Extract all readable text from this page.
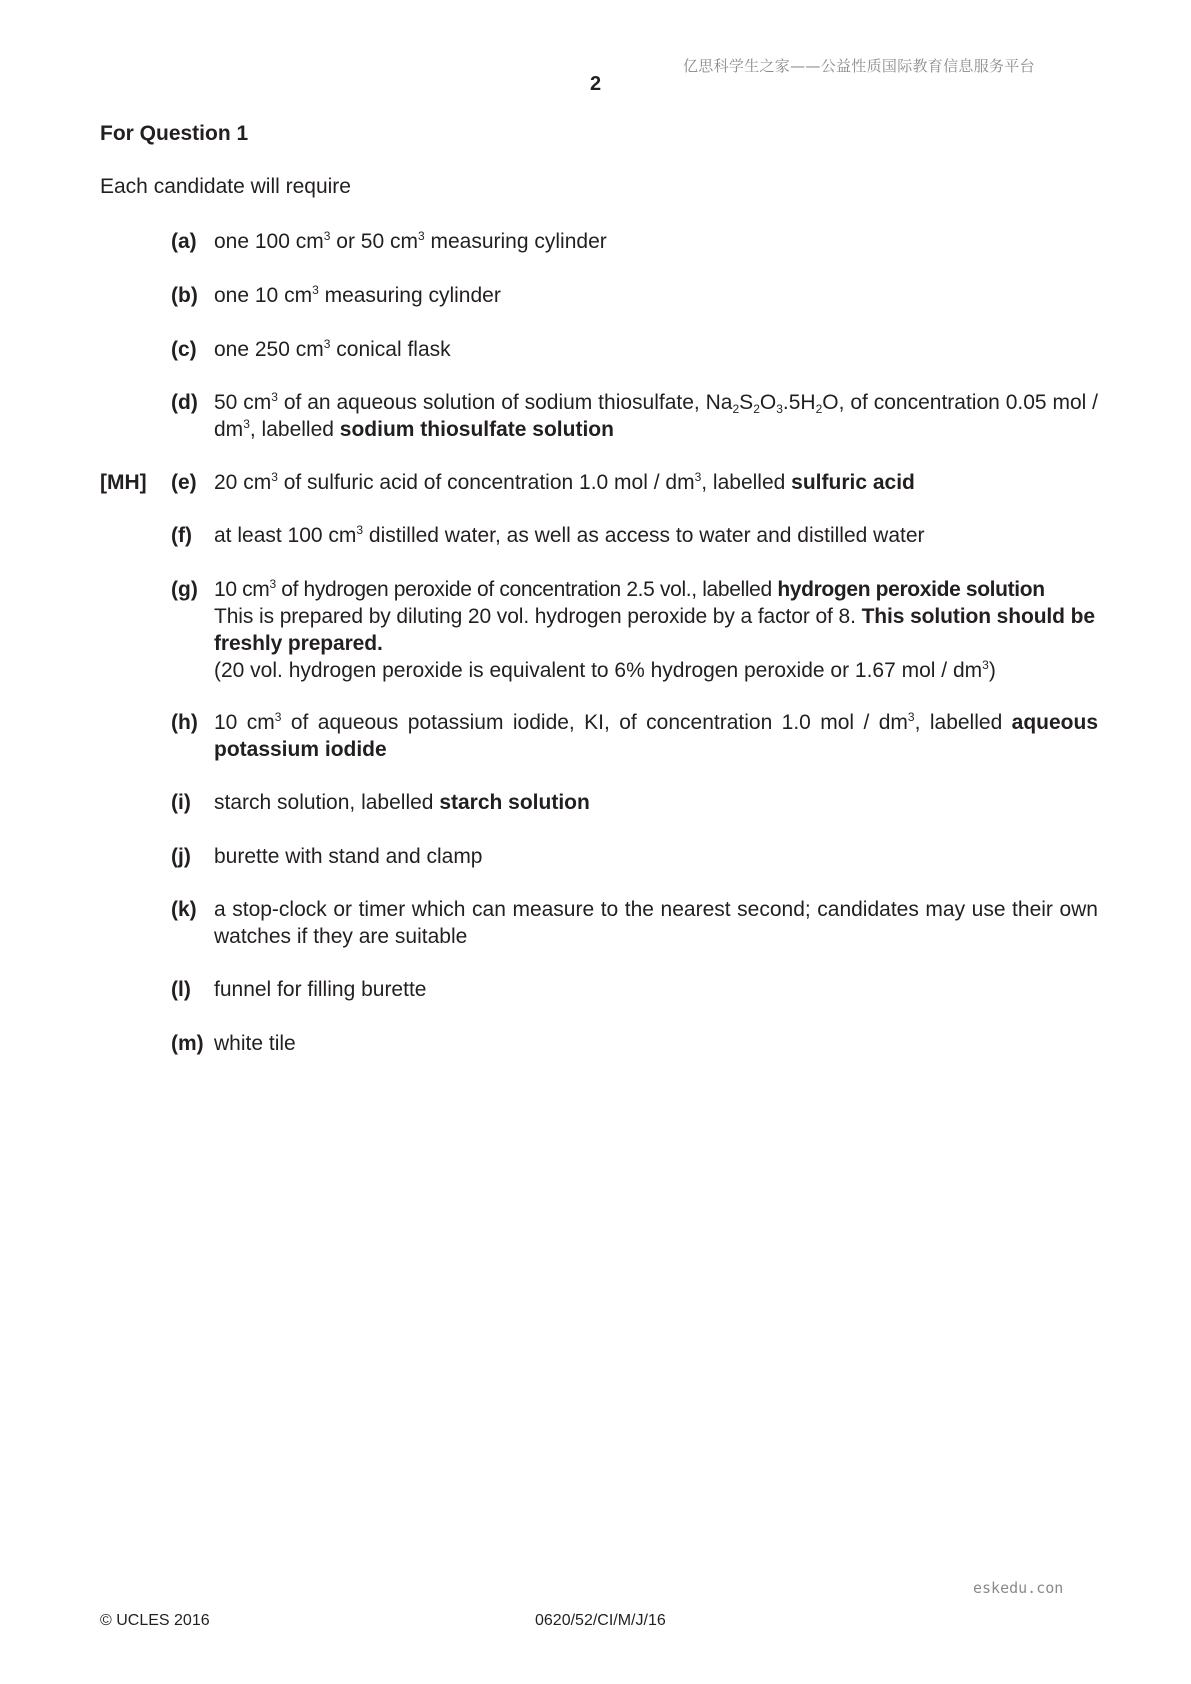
亿思科学生之家——公益性质国际教育信息服务平台
2
For Question 1
Each candidate will require
(a) one 100 $cm^3$ or 50 $cm^3$ measuring cylinder
(b) one 10 $cm^3$ measuring cylinder
(c) one 250 $cm^3$ conical flask
(d) 50 $cm^3$ of an aqueous solution of sodium thiosulfate, $Na_2S_2O_3.5H_2O$, of concentration 0.05 mol / $dm^3$, labelled sodium thiosulfate solution
[MH] (e) 20 $cm^3$ of sulfuric acid of concentration 1.0 mol / $dm^3$, labelled sulfuric acid
(f) at least 100 $cm^3$ distilled water, as well as access to water and distilled water
(g) 10 $cm^3$ of hydrogen peroxide of concentration 2.5 vol., labelled hydrogen peroxide solution
This is prepared by diluting 20 vol. hydrogen peroxide by a factor of 8. This solution should be freshly prepared.
(20 vol. hydrogen peroxide is equivalent to 6% hydrogen peroxide or 1.67 mol / $dm^3$)
(h) 10 $cm^3$ of aqueous potassium iodide, KI, of concentration 1.0 mol / $dm^3$, labelled aqueous potassium iodide
(i) starch solution, labelled starch solution
(j) burette with stand and clamp
(k) a stop-clock or timer which can measure to the nearest second; candidates may use their own watches if they are suitable
(l) funnel for filling burette
(m) white tile
eskedu.con
© UCLES 2016	0620/52/CI/M/J/16
